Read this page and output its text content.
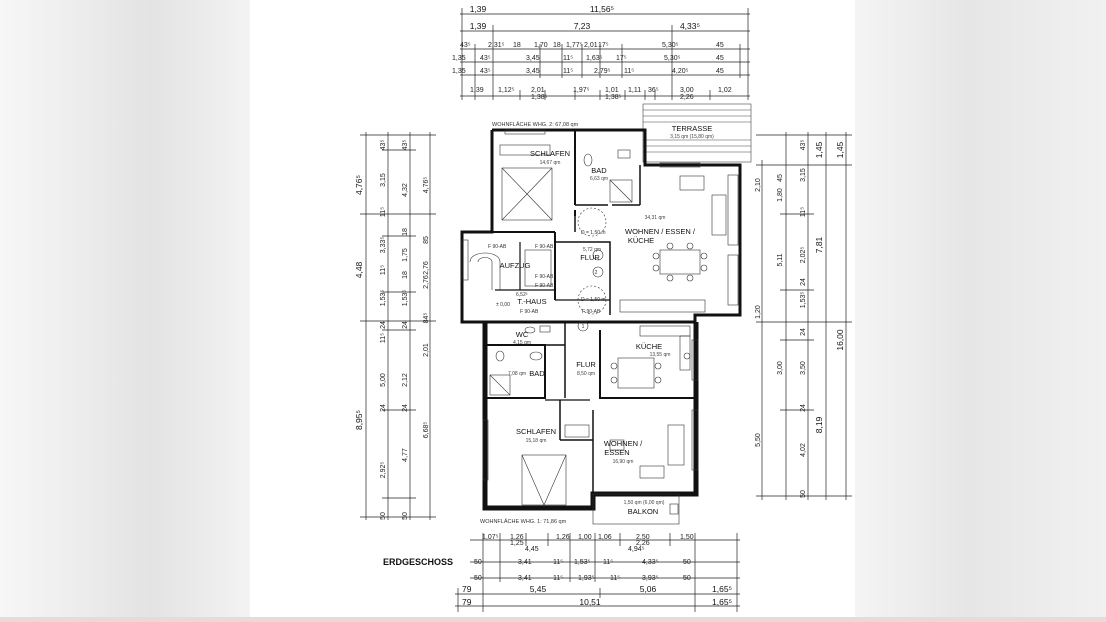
11,56⁵
1,39
1,39	7,23	4,33⁵
43⁵ 2,31⁵ 18 1,70 18 1,77⁵ 2,01 17⁵	5,30⁵	45
1,35 43⁵	3,45	11⁵ 1,63⁵ 17⁵	5,30⁵	45
1,35 43⁵	3,45	11⁵	2,79⁵ 11⁵	4,20⁵	45
1,39 1,12⁵ 2,01
1,38⁵
1,97⁵ 1,01
1,38⁵
1,11 36⁵	3,00
2,26
1,02
TERRASSE
3,15 qm (15,80 qm)
WOHNFLÄCHE WHG. 2: 67,08 qm
SCHLAFEN
14,67 qm
BAD
6,63 qm
34,31 qm
WOHNEN / ESSEN /
KÜCHE
AUFZUG
FLUR
5,72 qm
T.-HAUS
± 0,00
6,52²
WC
4,15 qm
BAD
7,08 qm
FLUR
8,50 qm
KÜCHE
13,55 qm
SCHLAFEN
15,18 qm	WOHNEN /
ESSEN
16,90 qm
F 90-AB	F 90-AB
F 90-AB
F 90-AB
F 90-AB	F 90-AB
D = 1,50 m
D = 1,50 m
2
1
1,50 qm (6,00 qm)
BALKON
WOHNFLÄCHE WHG. 1: 71,86 qm
ERDGESCHOSS
4,76⁵
4,48
8,95⁵
43⁵
3,15
11⁵
3,33⁵
11⁵
1,53⁵
24
11⁵
5,00
24
2,92⁵
50
43⁵
4,32
18
1,75
18
1,53⁵
24
2,12
24
4,77
50
4,76⁵
85
2,76
2,76
84⁵
2,01
6,68⁵
1,45
1,45
7,81
8,19
16,00
43⁵
3,15
11⁵
2,02⁵
24
1,53⁵
24
3,50
24
4,02
50
2,10
1,80
45
5,11
1,20
3,00
5,50
1,07⁵ 1,26	1,00
1,26	1,06	2,50	1,50
1,25
4,45
2,26
4,94⁵
50	3,41	11⁵ 1,53⁵ 11⁵	4,33⁵	50
50	3,41	11⁵ 1,93⁵ 11⁵	3,93⁵	50
79	5,45	5,06	1,65⁵
79	10,51	1,65⁵
